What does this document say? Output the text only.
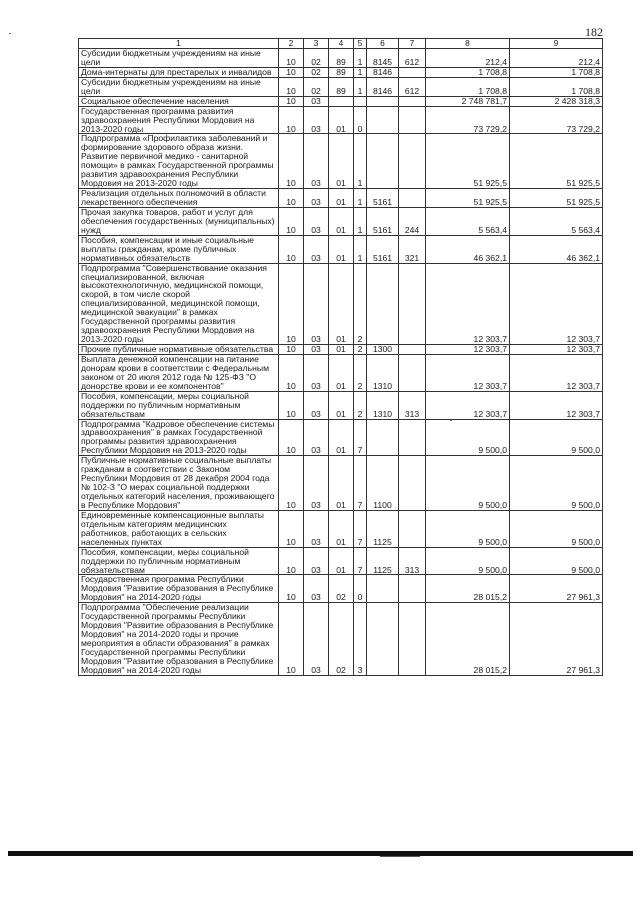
182
1	2	3	4	5	6	7	8	9
Субсидии бюджетным учреждениям на иные цели	10	02	89	1	8145	612	212,4	212,4
Дома-интернаты для престарелых и инвалидов	10	02	89	1	8146		1 708,8	1 708,8
Субсидии бюджетным учреждениям на иные цели	10	02	89	1	8146	612	1 708,8	1 708,8
Социальное обеспечение населения	10	03					2 748 781,7	2 428 318,3
Государственная программа развития здравоохранения Республики Мордовия на 2013-2020 годы	10	03	01	0			73 729,2	73 729,2
Подпрограмма «Профилактика заболеваний и формирование здорового образа жизни. Развитие первичной медико - санитарной помощи» в рамках Государственной программы развития здравоохранения Республики Мордовия на 2013-2020 годы	10	03	01	1			51 925,5	51 925,5
Реализация отдельных полномочий в области лекарственного обеспечения	10	03	01	1	5161		51 925,5	51 925,5
Прочая закупка товаров, работ и услуг для обеспечения государственных (муниципальных) нужд	10	03	01	1	5161	244	5 563,4	5 563,4
Пособия, компенсации и иные социальные выплаты гражданам, кроме публичных нормативных обязательств	10	03	01	1	5161	321	46 362,1	46 362,1
Подпрограмма "Совершенствование оказания специализированной, включая высокотехнологичную, медицинской помощи, скорой, в том числе скорой специализированной, медицинской помощи, медицинской эвакуации" в рамках Государственной программы развития здравоохранения Республики Мордовия на 2013-2020 годы	10	03	01	2			12 303,7	12 303,7
Прочие публичные нормативные обязательства	10	03	01	2	1300		12 303,7	12 303,7
Выплата денежной компенсации на питание донорам крови в соответствии с Федеральным законом от 20 июля 2012 года № 125-ФЗ "О донорстве крови и ее компонентов"	10	03	01	2	1310		12 303,7	12 303,7
Пособия, компенсации, меры социальной поддержки по публичным нормативным обязательствам	10	03	01	2	1310	313	12 303,7	12 303,7
Подпрограмма "Кадровое обеспечение системы здравоохранения" в рамках Государственной программы развития здравоохранения Республики Мордовия на 2013-2020 годы	10	03	01	7			9 500,0	9 500,0
Публичные нормативные социальные выплаты гражданам в соответствии с Законом Республики Мордовия от 28 декабря 2004 года № 102-З "О мерах социальной поддержки отдельных категорий населения, проживающего в Республике Мордовия"	10	03	01	7	1100		9 500,0	9 500,0
Единовременные компенсационные выплаты отдельным категориям медицинских работников, работающих в сельских населенных пунктах	10	03	01	7	1125		9 500,0	9 500,0
Пособия, компенсации, меры социальной поддержки по публичным нормативным обязательствам	10	03	01	7	1125	313	9 500,0	9 500,0
Государственная программа Республики Мордовия "Развитие образования в Республике Мордовия" на 2014-2020 годы	10	03	02	0			28 015,2	27 961,3
Подпрограмма "Обеспечение реализации Государственной программы Республики Мордовия "Развитие образования в Республике Мордовия" на 2014-2020 годы и прочие мероприятия в области образования" в рамках Государственной программы Республики Мордовия "Развитие образования в Республике Мордовия" на 2014-2020 годы	10	03	02	3			28 015,2	27 961,3
